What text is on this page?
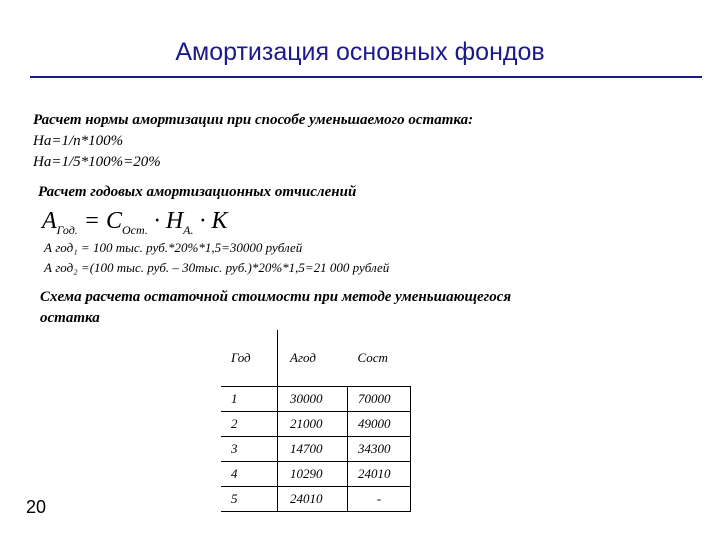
Амортизация основных фондов
Расчет нормы амортизации при способе уменьшаемого остатка:
На=1/n*100%
На=1/5*100%=20%
Расчет годовых амортизационных отчислений
$A_{Год.} = C_{Ост.} \cdot H_{A.} \cdot K$
А год₁ = 100 тыс. руб.*20%*1,5=30000 рублей
А год₂ =(100 тыс. руб. – 30тыс. руб.)*20%*1,5=21 000 рублей
Схема расчета остаточной стоимости при методе уменьшающегося
остатка
Год	Агод	Сост
1	30000	70000
2	21000	49000
3	14700	34300
4	10290	24010
5	24010	-
20
